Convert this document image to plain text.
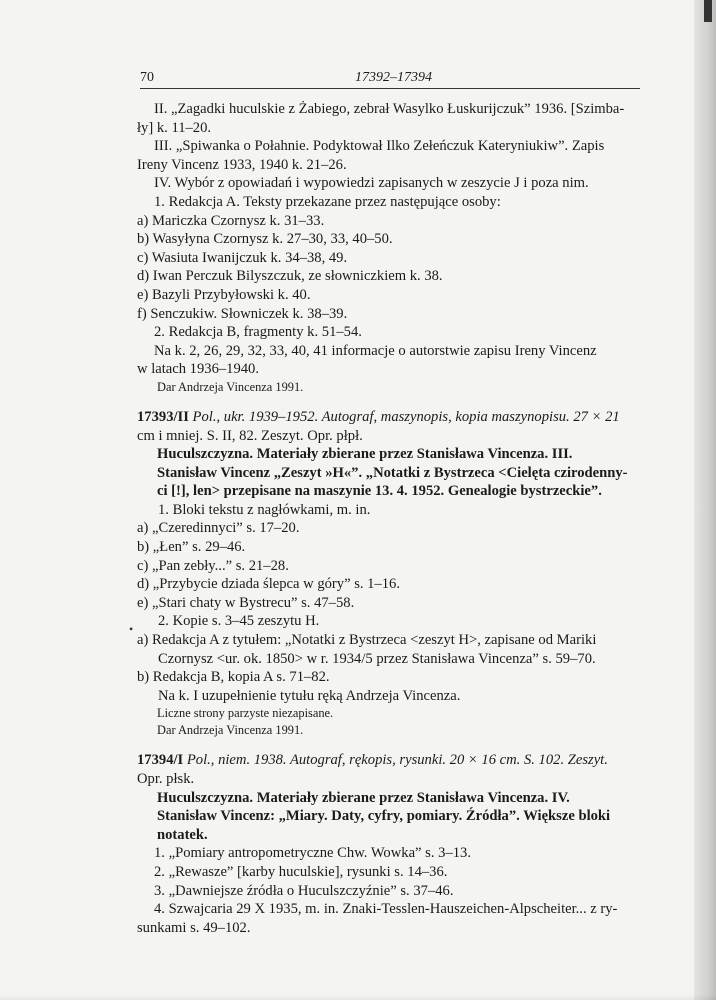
70	17392–17394
•

II. „Zagadki huculskie z Żabiego, zebrał Wasylko Łuskurijczuk” 1936. [Szimba-

ły] k. 11–20.

III. „Spiwanka o Połahnie. Podyktował Ilko Zełeńczuk Kateryniukiw”. Zapis

Ireny Vincenz 1933, 1940 k. 21–26.

IV. Wybór z opowiadań i wypowiedzi zapisanych w zeszycie J i poza nim.

1. Redakcja A. Teksty przekazane przez następujące osoby:

a) Mariczka Czornysz k. 31–33.

b) Wasyłyna Czornysz k. 27–30, 33, 40–50.

c) Wasiuta Iwanijczuk k. 34–38, 49.

d) Iwan Perczuk Bilyszczuk, ze słowniczkiem k. 38.

e) Bazyli Przybyłowski k. 40.

f) Senczukiw. Słowniczek k. 38–39.

2. Redakcja B, fragmenty k. 51–54.

Na k. 2, 26, 29, 32, 33, 40, 41 informacje o autorstwie zapisu Ireny Vincenz

w latach 1936–1940.

Dar Andrzeja Vincenza 1991.

17393/II Pol., ukr. 1939–1952. Autograf, maszynopis, kopia maszynopisu. 27 × 21

cm i mniej. S. II, 82. Zeszyt. Opr. płpł.

Huculszczyzna. Materiały zbierane przez Stanisława Vincenza. III.

Stanisław Vincenz „Zeszyt »H«”. „Notatki z Bystrzeca <Cielęta czirodenny-

ci [!], len> przepisane na maszynie 13. 4. 1952. Genealogie bystrzeckie”.

1. Bloki tekstu z nagłówkami, m. in.

a) „Czeredinnyci” s. 17–20.

b) „Łen” s. 29–46.

c) „Pan zebły...” s. 21–28.

d) „Przybycie dziada ślepca w góry” s. 1–16.

e) „Stari chaty w Bystrecu” s. 47–58.

2. Kopie s. 3–45 zeszytu H.

a) Redakcja A z tytułem: „Notatki z Bystrzeca <zeszyt H>, zapisane od Mariki

Czornysz <ur. ok. 1850> w r. 1934/5 przez Stanisława Vincenza” s. 59–70.

b) Redakcja B, kopia A s. 71–82.

Na k. I uzupełnienie tytułu ręką Andrzeja Vincenza.

Liczne strony parzyste niezapisane.

Dar Andrzeja Vincenza 1991.

17394/I Pol., niem. 1938. Autograf, rękopis, rysunki. 20 × 16 cm. S. 102. Zeszyt.

Opr. płsk.

Huculszczyzna. Materiały zbierane przez Stanisława Vincenza. IV.

Stanisław Vincenz: „Miary. Daty, cyfry, pomiary. Źródła”. Większe bloki

notatek.

1. „Pomiary antropometryczne Chw. Wowka” s. 3–13.

2. „Rewasze” [karby huculskie], rysunki s. 14–36.

3. „Dawniejsze źródła o Huculszczyźnie” s. 37–46.

4. Szwajcaria 29 X 1935, m. in. Znaki-Tesslen-Hauszeichen-Alpscheiter... z ry-

sunkami s. 49–102.
